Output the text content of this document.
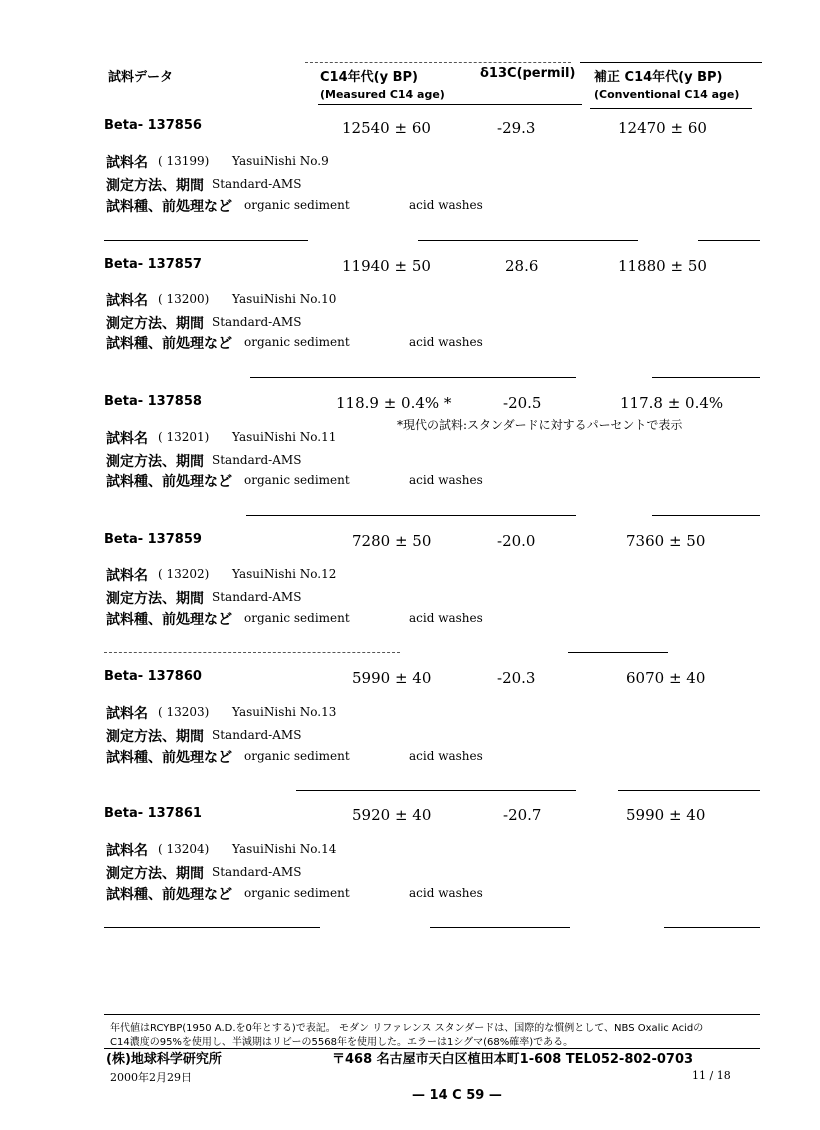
試料データ	C14年代(y BP)
(Measured C14 age)
δ13C(permil) 補正 C14年代(y BP)
(Conventional C14 age)
Beta- 137856	12540 ± 60	-29.3	12470 ± 60
試料名 ( 13199) YasuiNishi No.9
測定方法、期間 Standard-AMS
試料種、前処理など organic sediment	acid washes
Beta- 137857	11940 ± 50	28.6	11880 ± 50
試料名 ( 13200) YasuiNishi No.10
測定方法、期間 Standard-AMS
試料種、前処理など organic sediment	acid washes
Beta- 137858	118.9 ± 0.4% *	-20.5	117.8 ± 0.4%
*現代の試料:スタンダードに対するパーセントで表示
試料名 ( 13201) YasuiNishi No.11
測定方法、期間 Standard-AMS
試料種、前処理など organic sediment	acid washes
Beta- 137859	7280 ± 50	-20.0	7360 ± 50
試料名 ( 13202) YasuiNishi No.12
測定方法、期間 Standard-AMS
試料種、前処理など organic sediment	acid washes
Beta- 137860	5990 ± 40	-20.3	6070 ± 40
試料名 ( 13203) YasuiNishi No.13
測定方法、期間 Standard-AMS
試料種、前処理など organic sediment	acid washes
Beta- 137861	5920 ± 40	-20.7	5990 ± 40
試料名 ( 13204) YasuiNishi No.14
測定方法、期間 Standard-AMS
試料種、前処理など organic sediment	acid washes
年代値はRCYBP(1950 A.D.を0年とする)で表記。 モダン リファレンス スタンダードは、国際的な慣例として、NBS Oxalic Acidの
C14濃度の95%を使用し、半減期はリビーの5568年を使用した。エラーは1シグマ(68%確率)である。
(株)地球科学研究所	〒468 名古屋市天白区植田本町1-608 TEL052-802-0703
2000年2月29日	11 / 18
— 14 C 59 —
